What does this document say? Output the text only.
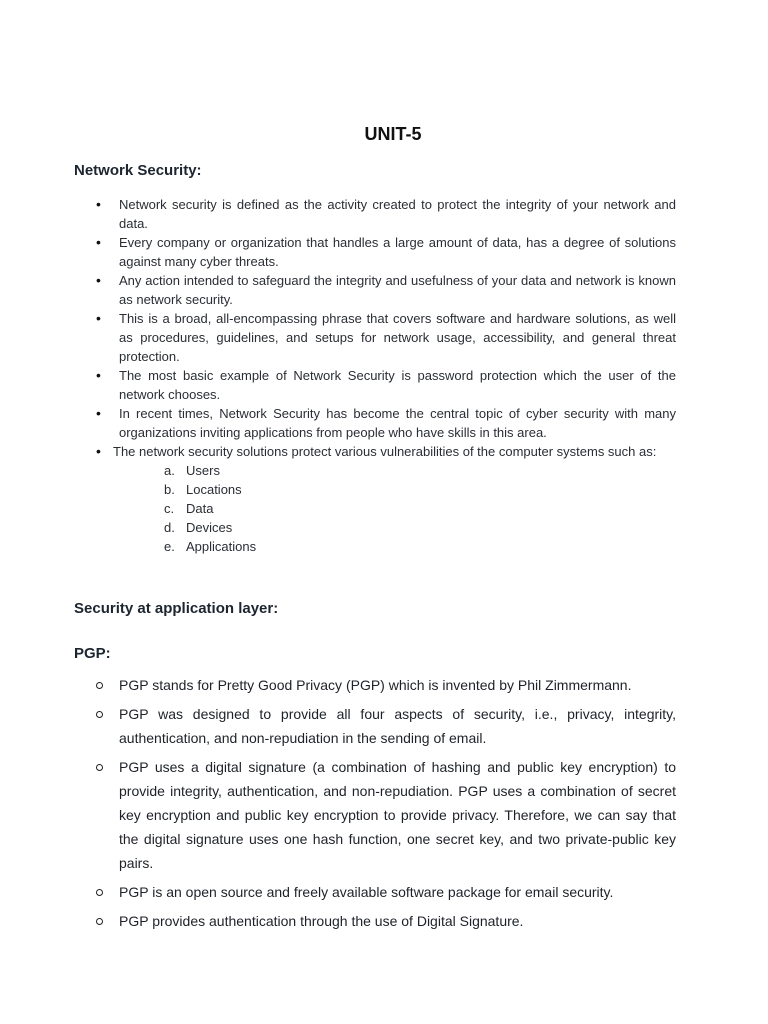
UNIT-5
Network Security:
• Network security is defined as the activity created to protect the integrity of your network and data.
• Every company or organization that handles a large amount of data, has a degree of solutions against many cyber threats.
• Any action intended to safeguard the integrity and usefulness of your data and network is known as network security.
• This is a broad, all-encompassing phrase that covers software and hardware solutions, as well as procedures, guidelines, and setups for network usage, accessibility, and general threat protection.
• The most basic example of Network Security is password protection which the user of the network chooses.
• In recent times, Network Security has become the central topic of cyber security with many organizations inviting applications from people who have skills in this area.
• The network security solutions protect various vulnerabilities of the computer systems such as:
a. Users
b. Locations
c. Data
d. Devices
e. Applications
Security at application layer:
PGP:
PGP stands for Pretty Good Privacy (PGP) which is invented by Phil Zimmermann.
PGP was designed to provide all four aspects of security, i.e., privacy, integrity, authentication, and non-repudiation in the sending of email.
PGP uses a digital signature (a combination of hashing and public key encryption) to provide integrity, authentication, and non-repudiation. PGP uses a combination of secret key encryption and public key encryption to provide privacy. Therefore, we can say that the digital signature uses one hash function, one secret key, and two private-public key pairs.
PGP is an open source and freely available software package for email security.
PGP provides authentication through the use of Digital Signature.
